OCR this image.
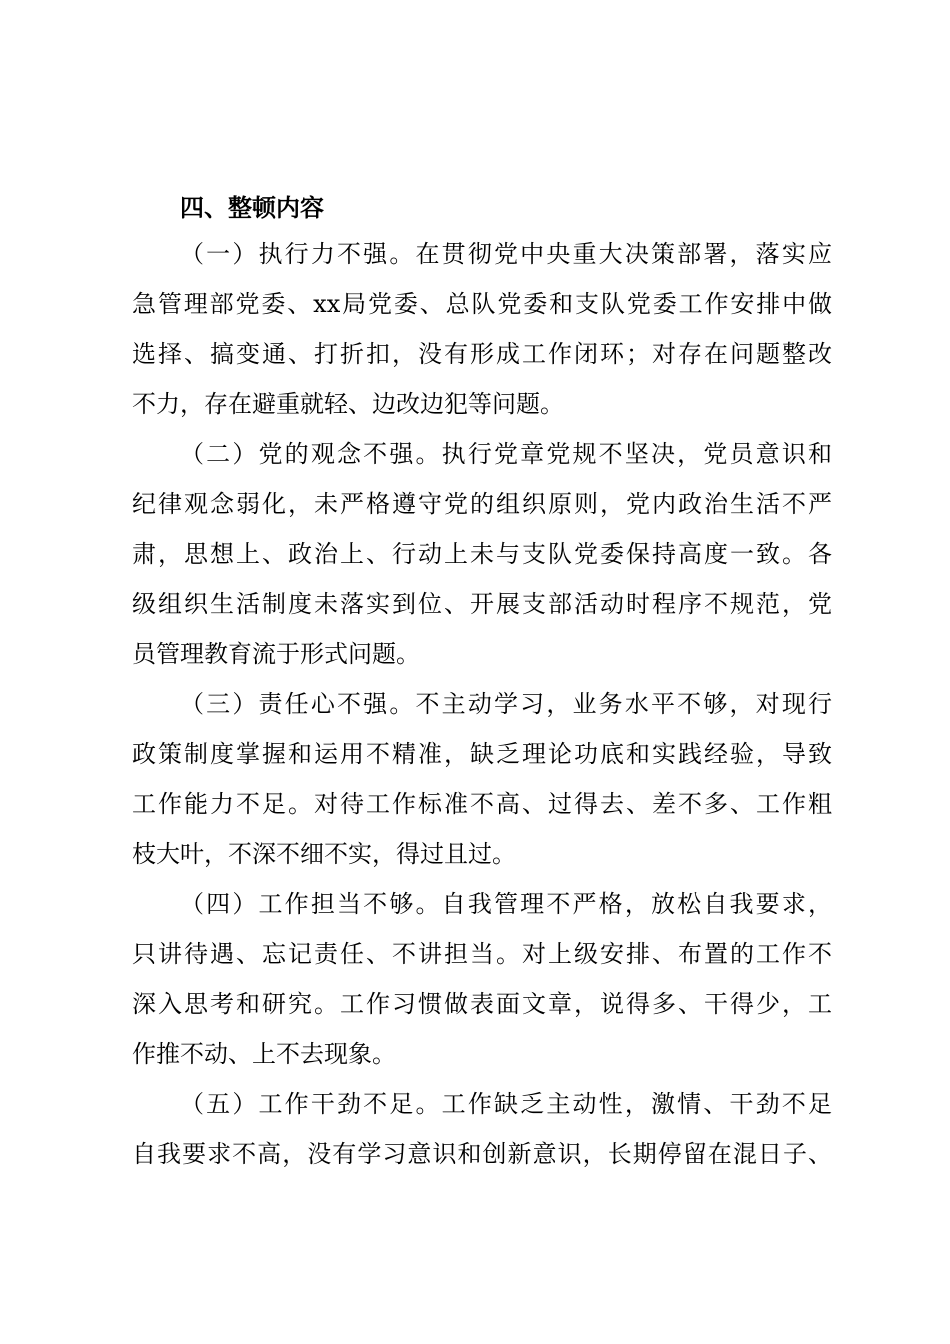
四、整顿内容
（一）执行力不强。在贯彻党中央重大决策部署，落实应
急管理部党委、xx局党委、总队党委和支队党委工作安排中做
选择、搞变通、打折扣，没有形成工作闭环；对存在问题整改
不力，存在避重就轻、边改边犯等问题。
（二）党的观念不强。执行党章党规不坚决，党员意识和
纪律观念弱化，未严格遵守党的组织原则，党内政治生活不严
肃，思想上、政治上、行动上未与支队党委保持高度一致。各
级组织生活制度未落实到位、开展支部活动时程序不规范，党
员管理教育流于形式问题。
（三）责任心不强。不主动学习，业务水平不够，对现行
政策制度掌握和运用不精准，缺乏理论功底和实践经验，导致
工作能力不足。对待工作标准不高、过得去、差不多、工作粗
枝大叶，不深不细不实，得过且过。
（四）工作担当不够。自我管理不严格，放松自我要求，
只讲待遇、忘记责任、不讲担当。对上级安排、布置的工作不
深入思考和研究。工作习惯做表面文章，说得多、干得少，工
作推不动、上不去现象。
（五）工作干劲不足。工作缺乏主动性，激情、干劲不足
自我要求不高，没有学习意识和创新意识，长期停留在混日子、
